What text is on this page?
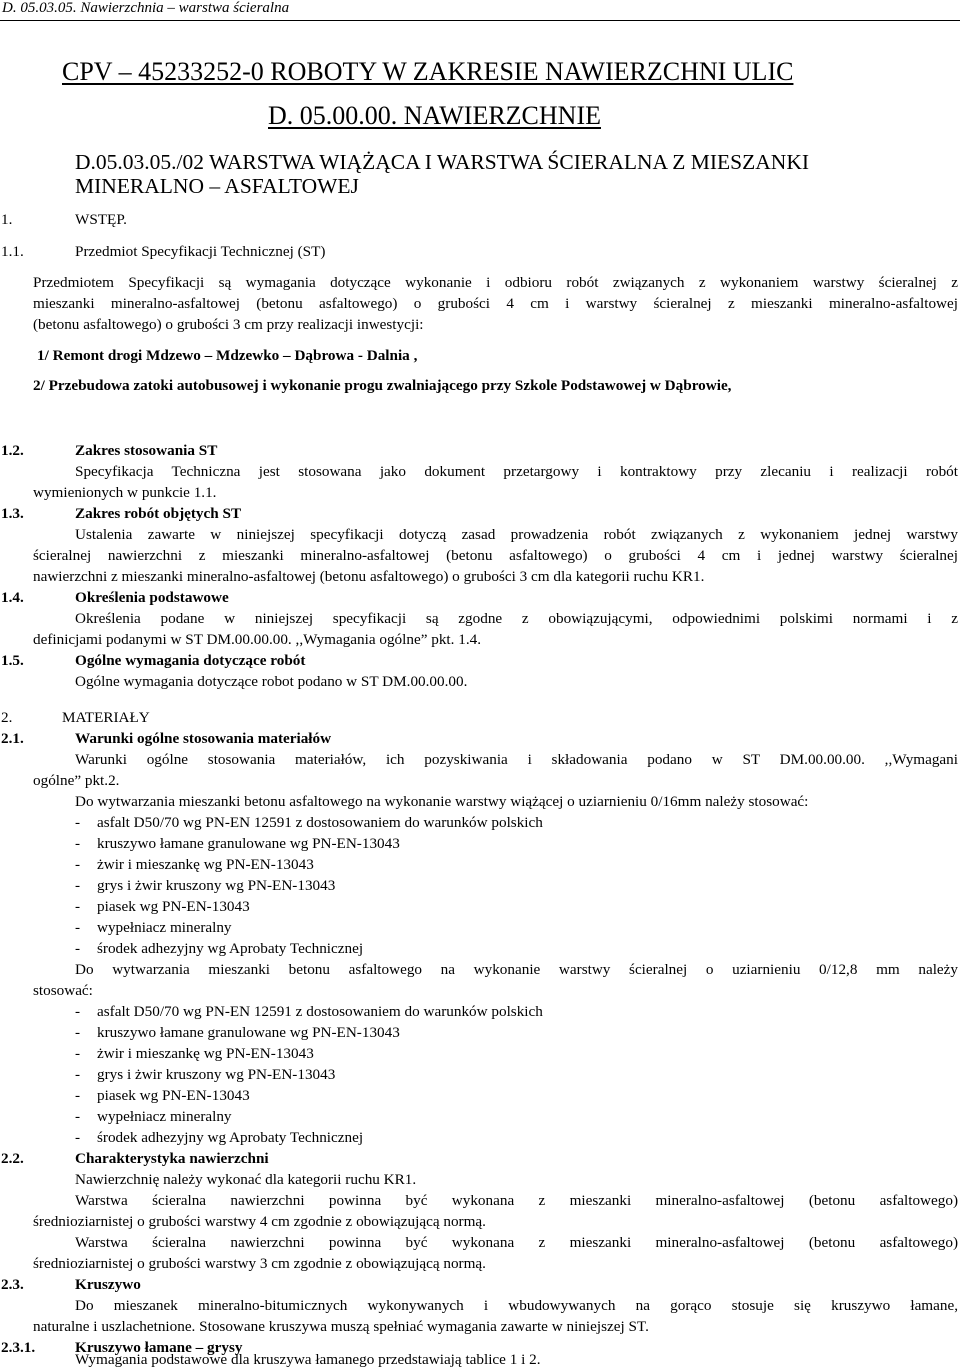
D. 05.03.05. Nawierzchnia – warstwa ścieralna
CPV – 45233252-0 ROBOTY W ZAKRESIE NAWIERZCHNI ULIC
D. 05.00.00. NAWIERZCHNIE
D.05.03.05./02 WARSTWA WIĄŻĄCA I WARSTWA ŚCIERALNA Z MIESZANKI
MINERALNO – ASFALTOWEJ
1.	WSTĘP.
1.1.	Przedmiot Specyfikacji Technicznej (ST)
Przedmiotem Specyfikacji są wymagania dotyczące wykonanie i odbioru robót związanych z wykonaniem warstwy ścieralnej z
mieszanki mineralno-asfaltowej (betonu asfaltowego) o grubości 4 cm i warstwy ścieralnej z mieszanki mineralno-asfaltowej
(betonu asfaltowego) o grubości 3 cm przy realizacji inwestycji:
1/ Remont drogi Mdzewo – Mdzewko – Dąbrowa - Dalnia ,
2/ Przebudowa zatoki autobusowej i wykonanie progu zwalniającego przy Szkole Podstawowej w Dąbrowie,
1.2.	Zakres stosowania ST
Specyfikacja Techniczna jest stosowana jako dokument przetargowy i kontraktowy przy zlecaniu i realizacji robót
wymienionych w punkcie 1.1.
1.3.	Zakres robót objętych ST
Ustalenia zawarte w niniejszej specyfikacji dotyczą zasad prowadzenia robót związanych z wykonaniem jednej warstwy
ścieralnej nawierzchni z mieszanki mineralno-asfaltowej (betonu asfaltowego) o grubości 4 cm i jednej warstwy ścieralnej
nawierzchni z mieszanki mineralno-asfaltowej (betonu asfaltowego) o grubości 3 cm dla kategorii ruchu KR1.
1.4.	Określenia podstawowe
Określenia podane w niniejszej specyfikacji są zgodne z obowiązującymi, odpowiednimi polskimi normami i z
definicjami podanymi w ST DM.00.00.00. ,,Wymagania ogólne” pkt. 1.4.
1.5.	Ogólne wymagania dotyczące robót
Ogólne wymagania dotyczące robot podano w ST DM.00.00.00.
2.	MATERIAŁY
2.1.	Warunki ogólne stosowania materiałów
Warunki ogólne stosowania materiałów, ich pozyskiwania i składowania podano w ST DM.00.00.00. ,,Wymagani
ogólne” pkt.2.
Do wytwarzania mieszanki betonu asfaltowego na wykonanie warstwy wiążącej o uziarnieniu 0/16mm należy stosować:
- asfalt D50/70 wg PN-EN 12591 z dostosowaniem do warunków polskich
- kruszywo łamane granulowane wg PN-EN-13043
- żwir i mieszankę wg PN-EN-13043
- grys i żwir kruszony wg PN-EN-13043
- piasek wg PN-EN-13043
- wypełniacz mineralny
- środek adhezyjny wg Aprobaty Technicznej
Do wytwarzania mieszanki betonu asfaltowego na wykonanie warstwy ścieralnej o uziarnieniu 0/12,8 mm należy
stosować:
- asfalt D50/70 wg PN-EN 12591 z dostosowaniem do warunków polskich
- kruszywo łamane granulowane wg PN-EN-13043
- żwir i mieszankę wg PN-EN-13043
- grys i żwir kruszony wg PN-EN-13043
- piasek wg PN-EN-13043
- wypełniacz mineralny
- środek adhezyjny wg Aprobaty Technicznej
2.2.	Charakterystyka nawierzchni
Nawierzchnię należy wykonać dla kategorii ruchu KR1.
Warstwa ścieralna nawierzchni powinna być wykonana z mieszanki mineralno-asfaltowej (betonu asfaltowego)
średnioziarnistej o grubości warstwy 4 cm zgodnie z obowiązującą normą.
Warstwa ścieralna nawierzchni powinna być wykonana z mieszanki mineralno-asfaltowej (betonu asfaltowego)
średnioziarnistej o grubości warstwy 3 cm zgodnie z obowiązującą normą.
2.3.	Kruszywo
Do mieszanek mineralno-bitumicznych wykonywanych i wbudowywanych na gorąco stosuje się kruszywo łamane,
naturalne i uszlachetnione. Stosowane kruszywa muszą spełniać wymagania zawarte w niniejszej ST.
2.3.1.	Kruszywo łamane – grysy
Wymagania podstawowe dla kruszywa łamanego przedstawiają tablice 1 i 2.
